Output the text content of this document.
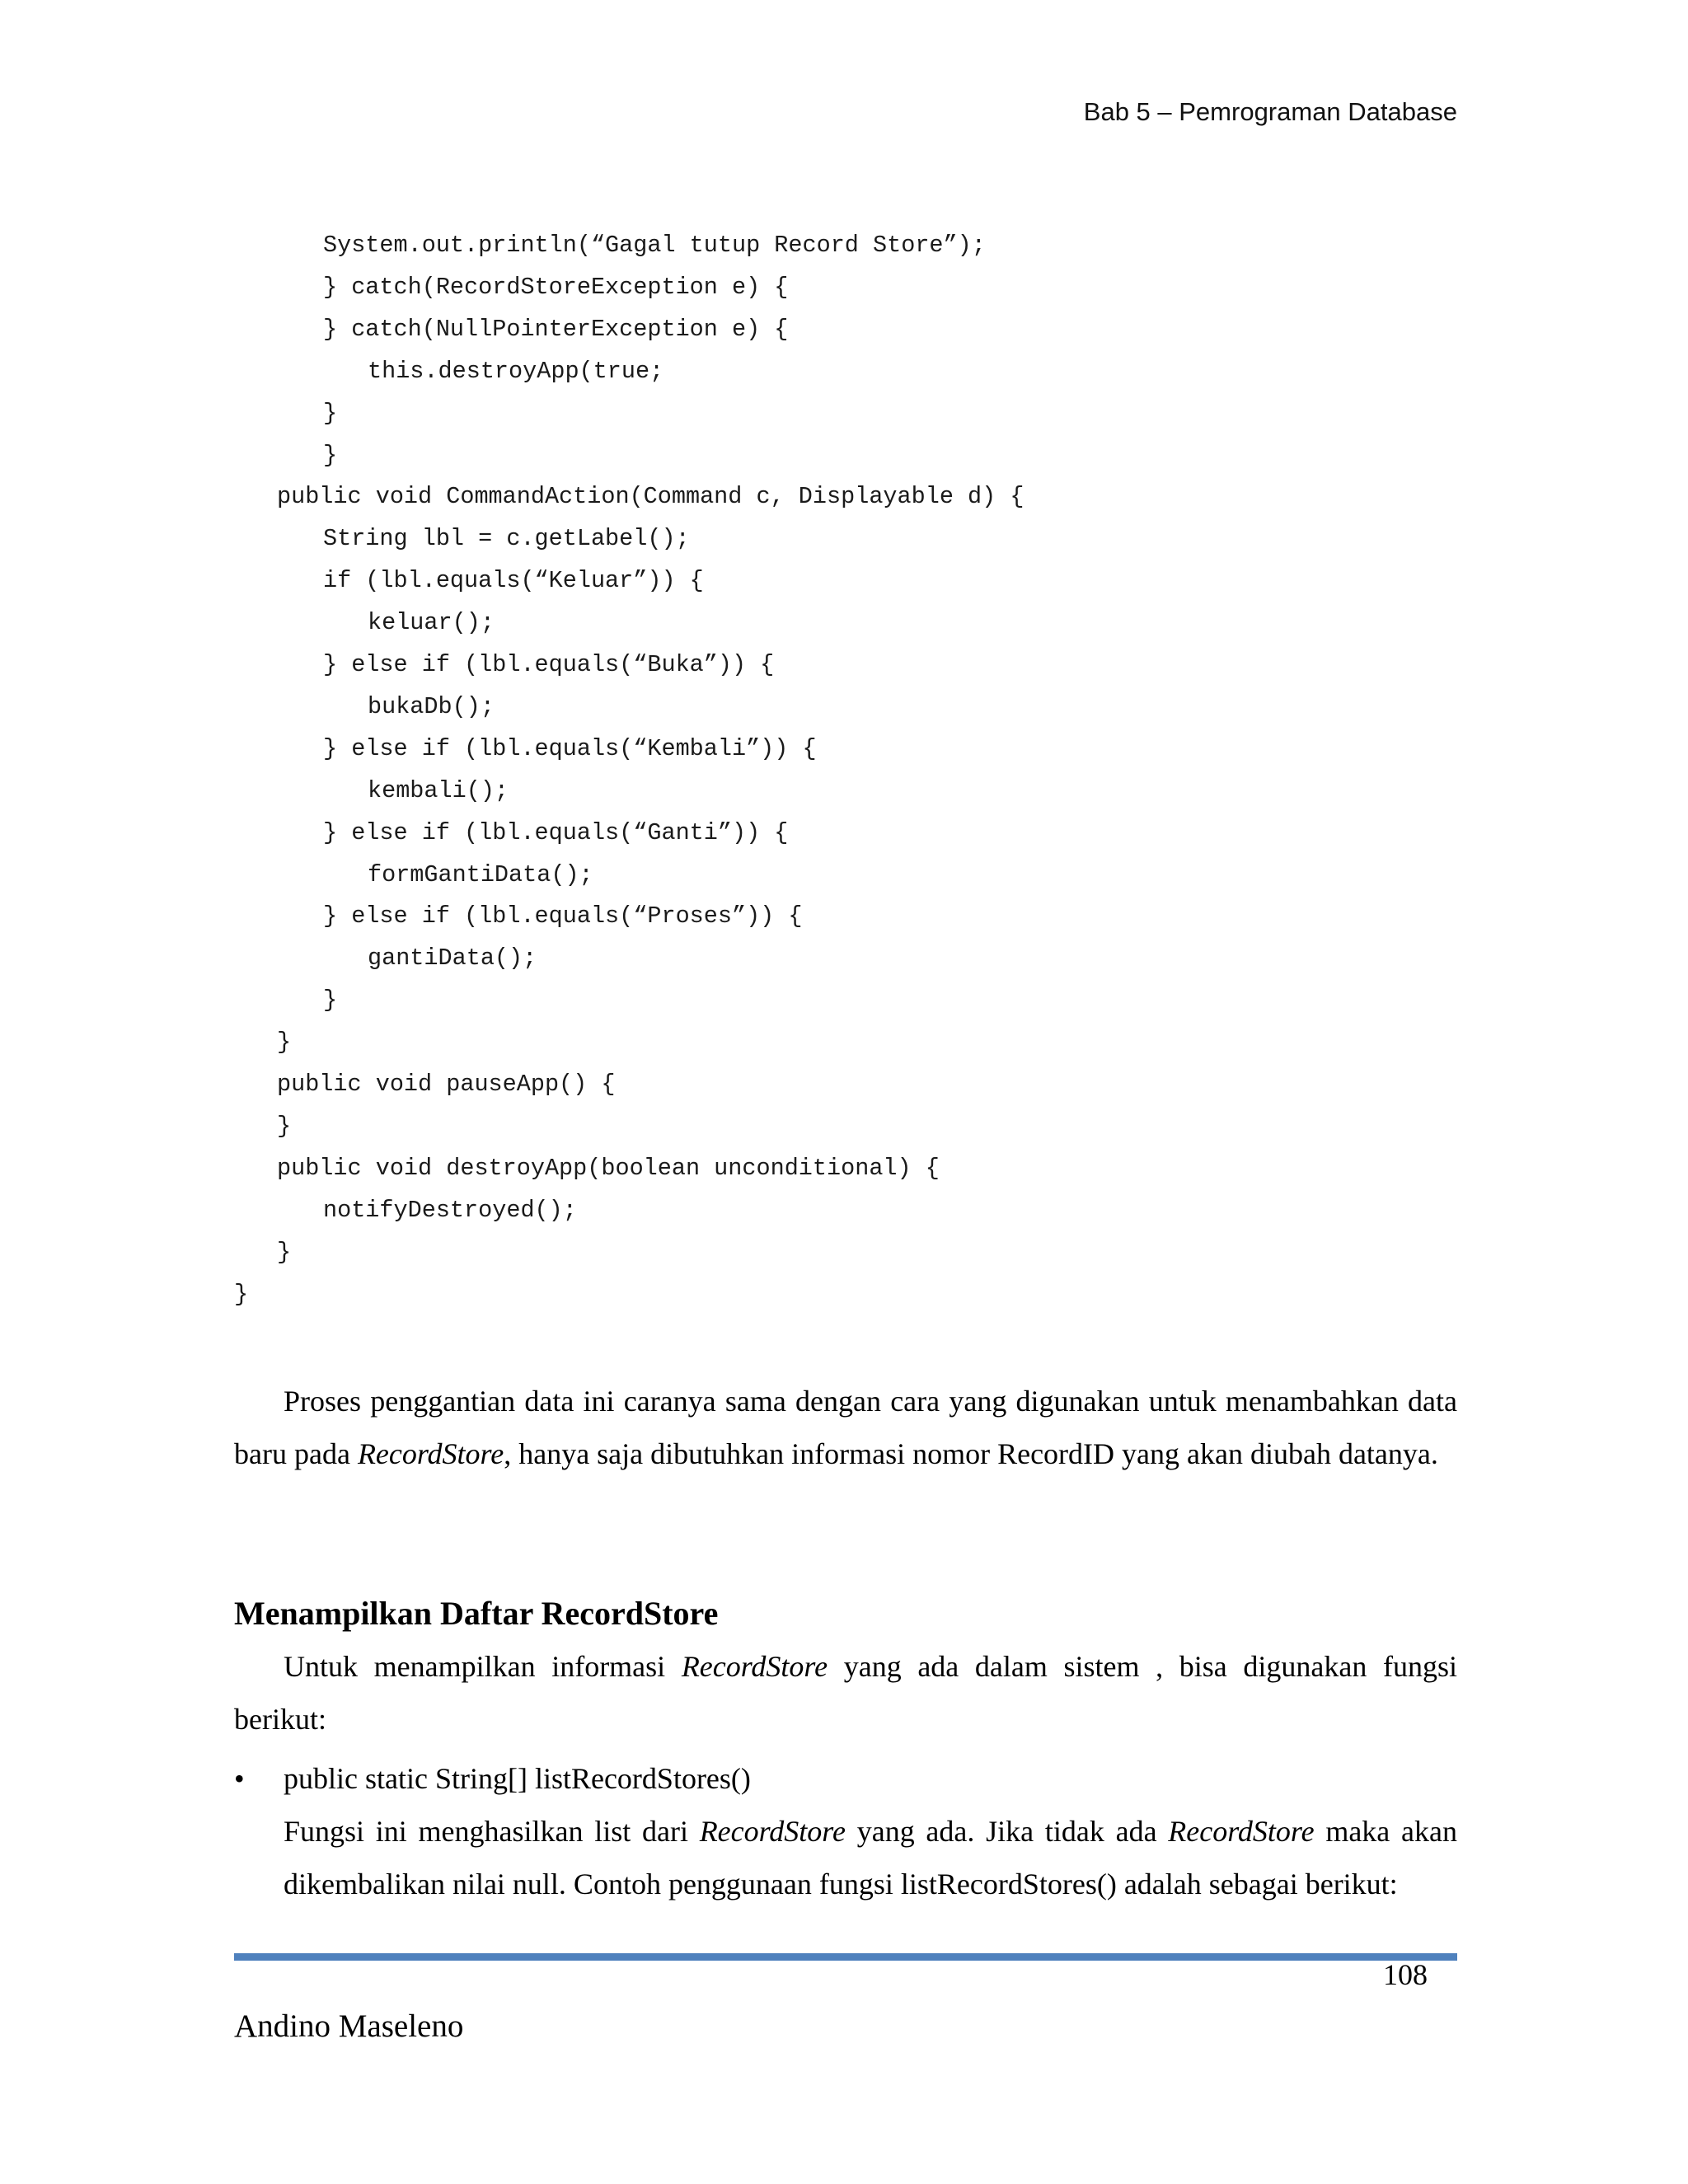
Bab 5 – Pemrograman Database
System.out.println(“Gagal tutup Record Store”);
} catch(RecordStoreException e) {
} catch(NullPointerException e) {
this.destroyApp(true;
}
}
public void CommandAction(Command c, Displayable d) {
String lbl = c.getLabel();
if (lbl.equals(“Keluar”)) {
keluar();
} else if (lbl.equals(“Buka”)) {
bukaDb();
} else if (lbl.equals(“Kembali”)) {
kembali();
} else if (lbl.equals(“Ganti”)) {
formGantiData();
} else if (lbl.equals(“Proses”)) {
gantiData();
}
}
public void pauseApp() {
}
public void destroyApp(boolean unconditional) {
notifyDestroyed();
}
}
Proses penggantian data ini caranya sama dengan cara yang digunakan untuk menambahkan data baru pada RecordStore, hanya saja dibutuhkan informasi nomor RecordID yang akan diubah datanya.
Menampilkan Daftar RecordStore
Untuk menampilkan informasi RecordStore yang ada dalam sistem , bisa digunakan fungsi berikut:
• public static String[] listRecordStores()
Fungsi ini menghasilkan list dari RecordStore yang ada. Jika tidak ada RecordStore maka akan dikembalikan nilai null. Contoh penggunaan fungsi listRecordStores() adalah sebagai berikut:
108
Andino Maseleno
